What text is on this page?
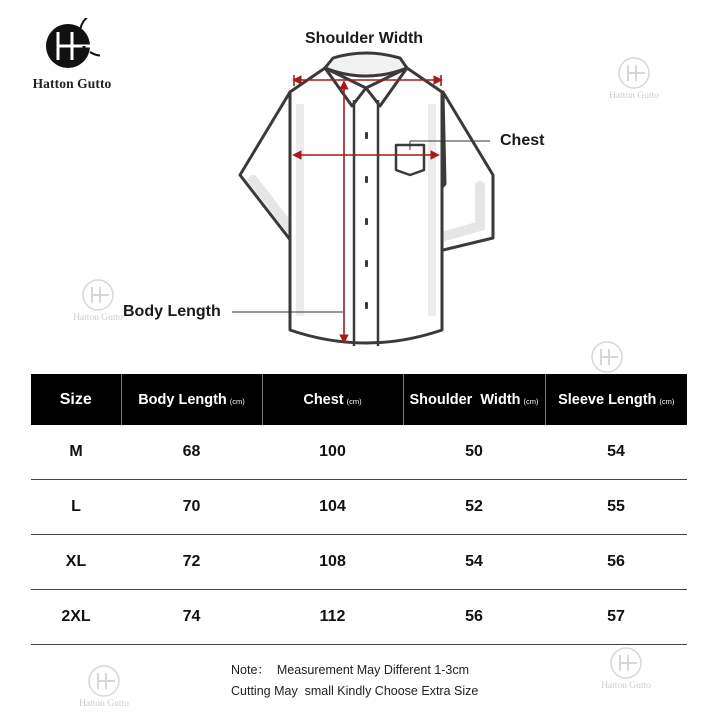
Hatton Gutto
Hatton Gutto
Hatton Gutto
Hatton Gutto
Hatton Gutto
Shoulder Width
Chest
Body Length
Size	Body Length (cm)	Chest (cm)	Shoulder  Width (cm)	Sleeve Length (cm)
M	68	100	50	54
L	70	104	52	55
XL	72	108	54	56
2XL	74	112	56	57
Note：  Measurement May Different 1-3cm
Cutting May  small Kindly Choose Extra Size
